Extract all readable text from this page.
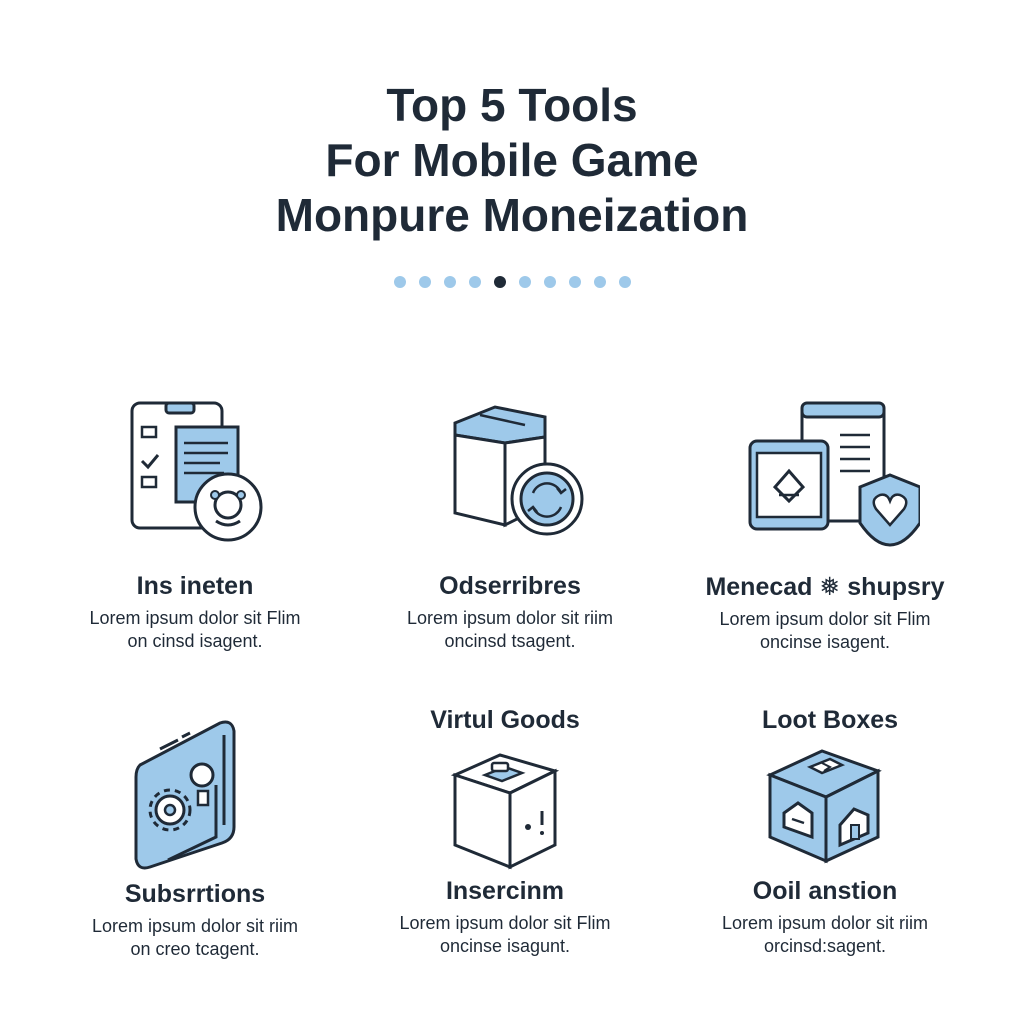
Top 5 Tools
For Mobile Game
Monpure Moneization
Ins ineten
Lorem ipsum dolor sit Flim
on cinsd isagent.
Odserribres
Lorem ipsum dolor sit riim
oncinsd tsagent.
Menecad ❅ shupsry
Lorem ipsum dolor sit Flim
oncinse isagent.
Subsrrtions
Lorem ipsum dolor sit riim
on creo tcagent.
Virtul Goods
Insercinm
Lorem ipsum dolor sit Flim
oncinse isagunt.
Loot Boxes
Ooil anstion
Lorem ipsum dolor sit riim
orcinsd:sagent.
